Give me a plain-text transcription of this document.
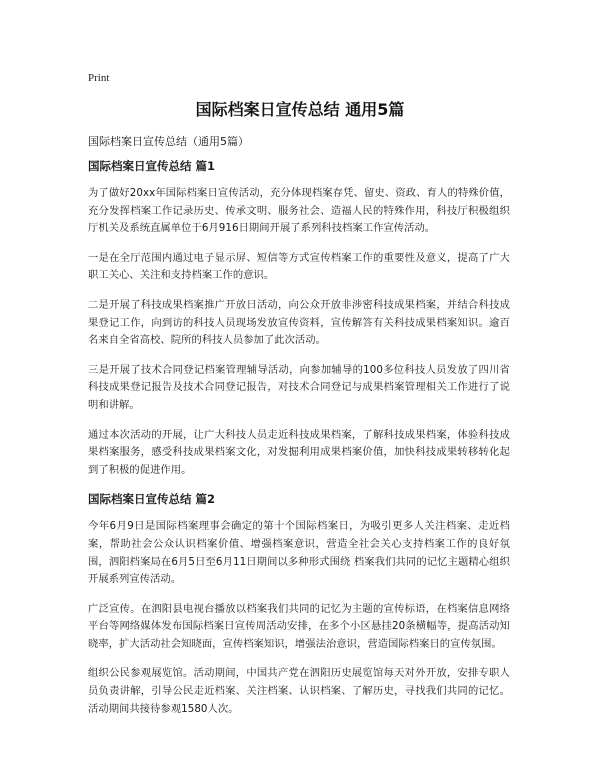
Print
国际档案日宣传总结 通用5篇

国际档案日宣传总结（通用5篇）

国际档案日宣传总结 篇1

为了做好20xx年国际档案日宣传活动，充分体现档案存凭、留史、资政、育人的特殊价值，充分发挥档案工作记录历史、传承文明、服务社会、造福人民的特殊作用，科技厅积极组织厅机关及系统直属单位于6月916日期间开展了系列科技档案工作宣传活动。

一是在全厅范围内通过电子显示屏、短信等方式宣传档案工作的重要性及意义，提高了广大职工关心、关注和支持档案工作的意识。

二是开展了科技成果档案推广开放日活动，向公众开放非涉密科技成果档案，并结合科技成果登记工作，向到访的科技人员现场发放宣传资料，宣传解答有关科技成果档案知识。逾百名来自全省高校、院所的科技人员参加了此次活动。

三是开展了技术合同登记档案管理辅导活动，向参加辅导的100多位科技人员发放了四川省科技成果登记报告及技术合同登记报告，对技术合同登记与成果档案管理相关工作进行了说明和讲解。

通过本次活动的开展，让广大科技人员走近科技成果档案，了解科技成果档案，体验科技成果档案服务，感受科技成果档案文化，对发掘利用成果档案价值，加快科技成果转移转化起到了积极的促进作用。

国际档案日宣传总结 篇2

今年6月9日是国际档案理事会确定的第十个国际档案日，为吸引更多人关注档案、走近档案，帮助社会公众认识档案价值、增强档案意识，营造全社会关心支持档案工作的良好氛围，泗阳档案局在6月5日至6月11日期间以多种形式围绕 档案我们共同的记忆主题精心组织开展系列宣传活动。

广泛宣传。在泗阳县电视台播放以档案我们共同的记忆为主题的宣传标语，在档案信息网络平台等网络媒体发布国际档案日宣传周活动安排，在多个小区悬挂20条横幅等，提高活动知晓率，扩大活动社会知晓面，宣传档案知识，增强法治意识，营造国际档案日的宣传氛围。

组织公民参观展览馆。活动期间，中国共产党在泗阳历史展览馆每天对外开放，安排专职人员负责讲解，引导公民走近档案、关注档案、认识档案、了解历史，寻找我们共同的记忆。活动期间共接待参观1580人次。
